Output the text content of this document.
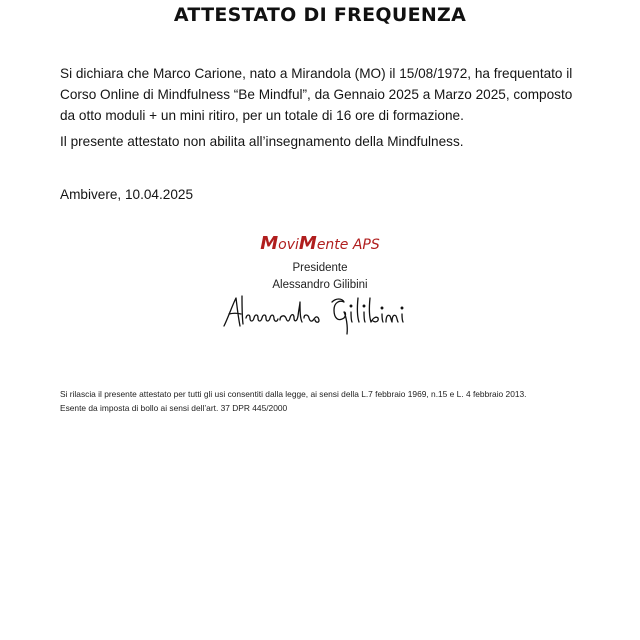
ATTESTATO DI FREQUENZA
Si dichiara che Marco Carione, nato a Mirandola (MO) il 15/08/1972, ha frequentato il Corso Online di Mindfulness “Be Mindful”, da Gennaio 2025 a Marzo 2025, composto da otto moduli + un mini ritiro, per un totale di 16 ore di formazione.
Il presente attestato non abilita all’insegnamento della Mindfulness.
Ambivere, 10.04.2025
MoviMente APS
Presidente
Alessandro Gilibini
Si rilascia il presente attestato per tutti gli usi consentiti dalla legge, ai sensi della L.7 febbraio 1969, n.15 e L. 4 febbraio 2013.
Esente da imposta di bollo ai sensi dell’art. 37 DPR 445/2000
